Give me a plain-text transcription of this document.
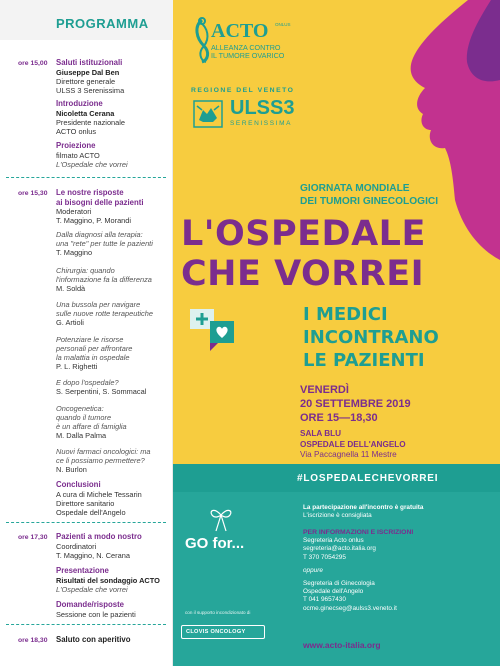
PROGRAMMA
ore 15,00 Saluti istituzionali
Giuseppe Dal Ben
Direttore generale
ULSS 3 Serenissima
Introduzione
Nicoletta Cerana
Presidente nazionale
ACTO onlus
Proiezione
filmato ACTO
L'Ospedale che vorrei
ore 15,30 Le nostre risposte
ai bisogni delle pazienti
Moderatori
T. Maggino, P. Morandi
Dalla diagnosi alla terapia:
una "rete" per tutte le pazienti
T. Maggino
Chirurgia: quando
l'informazione fa la differenza
M. Soldà
Una bussola per navigare
sulle nuove rotte terapeutiche
G. Artioli
Potenziare le risorse
personali per affrontare
la malattia in ospedale
P. L. Righetti
E dopo l'ospedale?
S. Serpentini, S. Sommacal
Oncogenetica:
quando il tumore
è un affare di famiglia
M. Dalla Palma
Nuovi farmaci oncologici: ma
ce li possiamo permettere?
N. Burlon
Conclusioni
A cura di Michele Tessarin
Direttore sanitario
Ospedale dell'Angelo
ore 17,30 Pazienti a modo nostro
Coordinatori
T. Maggino, N. Cerana
Presentazione
Risultati del sondaggio ACTO
L'Ospedale che vorrei
Domande/risposte
Sessione con le pazienti
ore 18,30 Saluto con aperitivo
ACTO ONLUS
ALLEANZA CONTRO
IL TUMORE OVARICO
REGIONE DEL VENETO
ULSS3
SERENISSIMA
GIORNATA MONDIALE
DEI TUMORI GINECOLOGICI
L'OSPEDALE
CHE VORREI
I MEDICI
INCONTRANO
LE PAZIENTI
VENERDÌ
20 SETTEMBRE 2019
ORE 15—18,30
SALA BLU
OSPEDALE DELL'ANGELO
Via Paccagnella 11 Mestre
#LOSPEDALECHEVORREI
GO for...
con il supporto incondizionato di
CLOVIS ONCOLOGY
La partecipazione all'incontro è gratuita
L'iscrizione è consigliata
PER INFORMAZIONI E ISCRIZIONI
Segreteria Acto onlus
segreteria@acto.italia.org
T 370 7054295
oppure
Segreteria di Ginecologia
Ospedale dell'Angelo
T 041 9657430
ocme.ginecseg@aulss3.veneto.it
www.acto-italia.org
